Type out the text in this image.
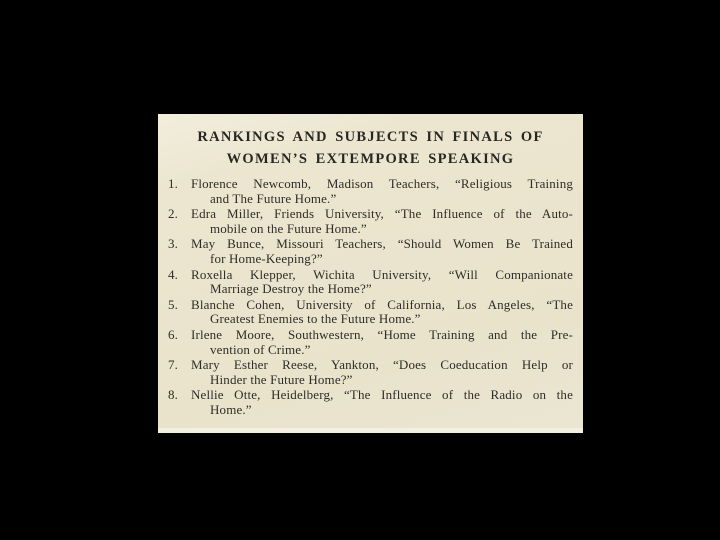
RANKINGS AND SUBJECTS IN FINALS OF
WOMEN’S EXTEMPORE SPEAKING
1. Florence Newcomb, Madison Teachers, “Religious Training
and The Future Home.”
2. Edra Miller, Friends University, “The Influence of the Auto-
mobile on the Future Home.”
3. May Bunce, Missouri Teachers, “Should Women Be Trained
for Home-Keeping?”
4. Roxella Klepper, Wichita University, “Will Companionate
Marriage Destroy the Home?”
5. Blanche Cohen, University of California, Los Angeles, “The
Greatest Enemies to the Future Home.”
6. Irlene Moore, Southwestern, “Home Training and the Pre-
vention of Crime.”
7. Mary Esther Reese, Yankton, “Does Coeducation Help or
Hinder the Future Home?”
8. Nellie Otte, Heidelberg, “The Influence of the Radio on the
Home.”
